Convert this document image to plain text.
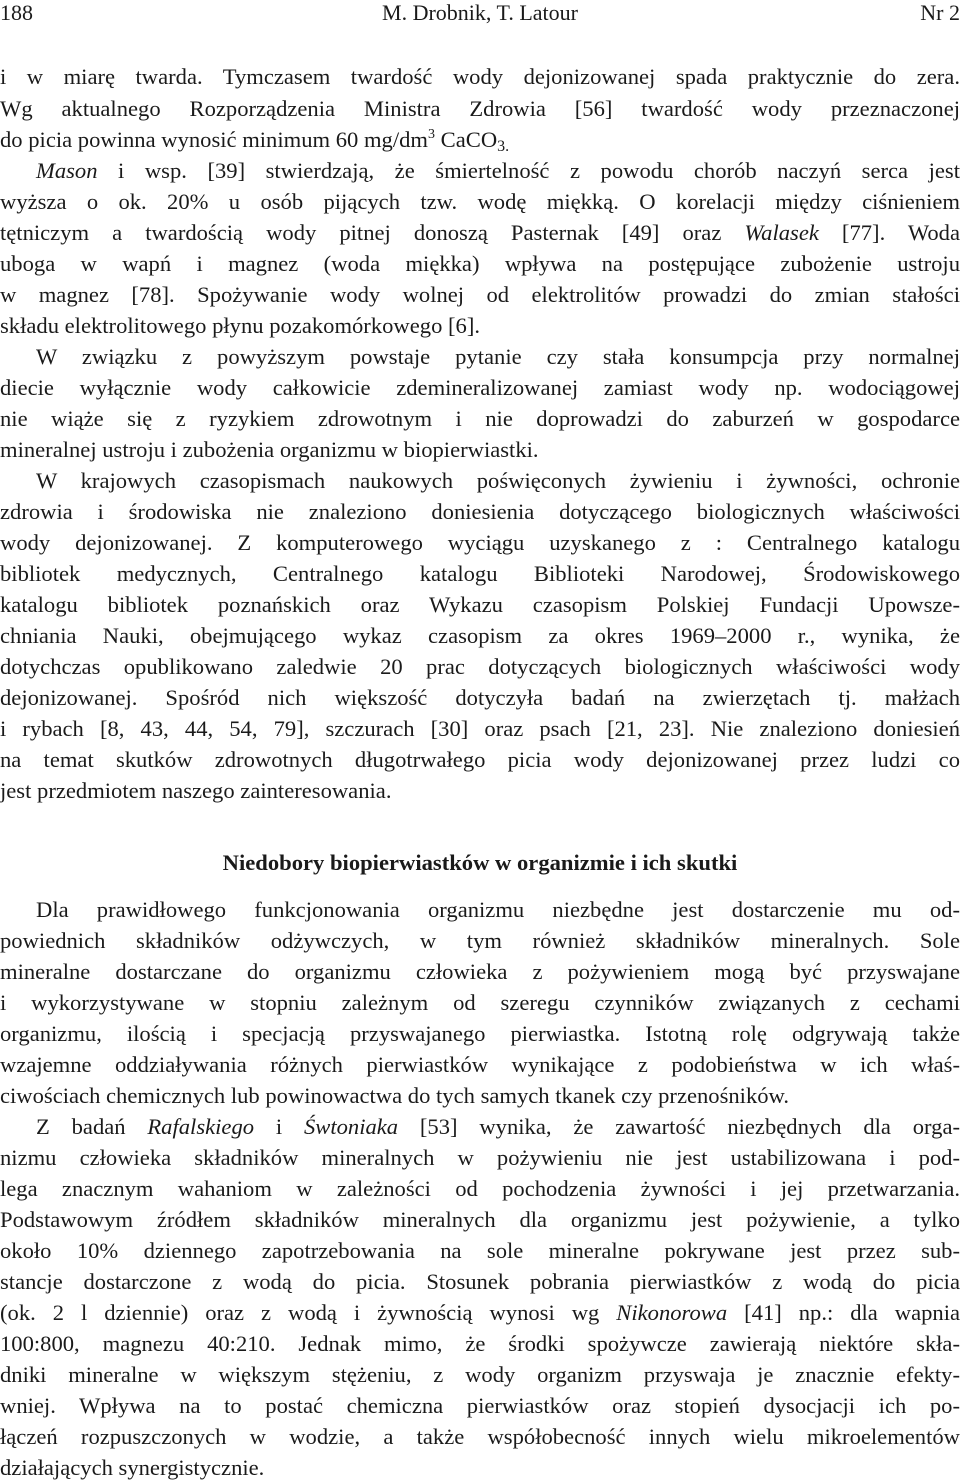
188	M. Drobnik, T. Latour	Nr 2
i w miarę twarda. Tymczasem twardość wody dejonizowanej spada praktycznie do zera.
Wg aktualnego Rozporządzenia Ministra Zdrowia [56] twardość wody przeznaczonej
do picia powinna wynosić minimum 60 $mg/dm^3$ CaCO$_{3.}$
Mason i wsp. [39] stwierdzają, że śmiertelność z powodu chorób naczyń serca jest
wyższa o ok. 20% u osób pijących tzw. wodę miękką. O korelacji między ciśnieniem
tętniczym a twardością wody pitnej donoszą Pasternak [49] oraz Walasek [77]. Woda
uboga w wapń i magnez (woda miękka) wpływa na postępujące zubożenie ustroju
w magnez [78]. Spożywanie wody wolnej od elektrolitów prowadzi do zmian stałości
składu elektrolitowego płynu pozakomórkowego [6].
W związku z powyższym powstaje pytanie czy stała konsumpcja przy normalnej
diecie wyłącznie wody całkowicie zdemineralizowanej zamiast wody np. wodociągowej
nie wiąże się z ryzykiem zdrowotnym i nie doprowadzi do zaburzeń w gospodarce
mineralnej ustroju i zubożenia organizmu w biopierwiastki.
W krajowych czasopismach naukowych poświęconych żywieniu i żywności, ochronie
zdrowia i środowiska nie znaleziono doniesienia dotyczącego biologicznych właściwości
wody dejonizowanej. Z komputerowego wyciągu uzyskanego z : Centralnego katalogu
bibliotek medycznych, Centralnego katalogu Biblioteki Narodowej, Środowiskowego
katalogu bibliotek poznańskich oraz Wykazu czasopism Polskiej Fundacji Upowsze-
chniania Nauki, obejmującego wykaz czasopism za okres 1969–2000 r., wynika, że
dotychczas opublikowano zaledwie 20 prac dotyczących biologicznych właściwości wody
dejonizowanej. Spośród nich większość dotyczyła badań na zwierzętach tj. małżach
i rybach [8, 43, 44, 54, 79], szczurach [30] oraz psach [21, 23]. Nie znaleziono doniesień
na temat skutków zdrowotnych długotrwałego picia wody dejonizowanej przez ludzi co
jest przedmiotem naszego zainteresowania.
Niedobory biopierwiastków w organizmie i ich skutki
Dla prawidłowego funkcjonowania organizmu niezbędne jest dostarczenie mu od-
powiednich składników odżywczych, w tym również składników mineralnych. Sole
mineralne dostarczane do organizmu człowieka z pożywieniem mogą być przyswajane
i wykorzystywane w stopniu zależnym od szeregu czynników związanych z cechami
organizmu, ilością i specjacją przyswajanego pierwiastka. Istotną rolę odgrywają także
wzajemne oddziaływania różnych pierwiastków wynikające z podobieństwa w ich właś-
ciwościach chemicznych lub powinowactwa do tych samych tkanek czy przenośników.
Z badań Rafalskiego i Śwtoniaka [53] wynika, że zawartość niezbędnych dla orga-
nizmu człowieka składników mineralnych w pożywieniu nie jest ustabilizowana i pod-
lega znacznym wahaniom w zależności od pochodzenia żywności i jej przetwarzania.
Podstawowym źródłem składników mineralnych dla organizmu jest pożywienie, a tylko
około 10% dziennego zapotrzebowania na sole mineralne pokrywane jest przez sub-
stancje dostarczone z wodą do picia. Stosunek pobrania pierwiastków z wodą do picia
(ok. 2 l dziennie) oraz z wodą i żywnością wynosi wg Nikonorowa [41] np.: dla wapnia
100:800, magnezu 40:210. Jednak mimo, że środki spożywcze zawierają niektóre skła-
dniki mineralne w większym stężeniu, z wody organizm przyswaja je znacznie efekty-
wniej. Wpływa na to postać chemiczna pierwiastków oraz stopień dysocjacji ich po-
łączeń rozpuszczonych w wodzie, a także współobecność innych wielu mikroelementów
działających synergistycznie.
